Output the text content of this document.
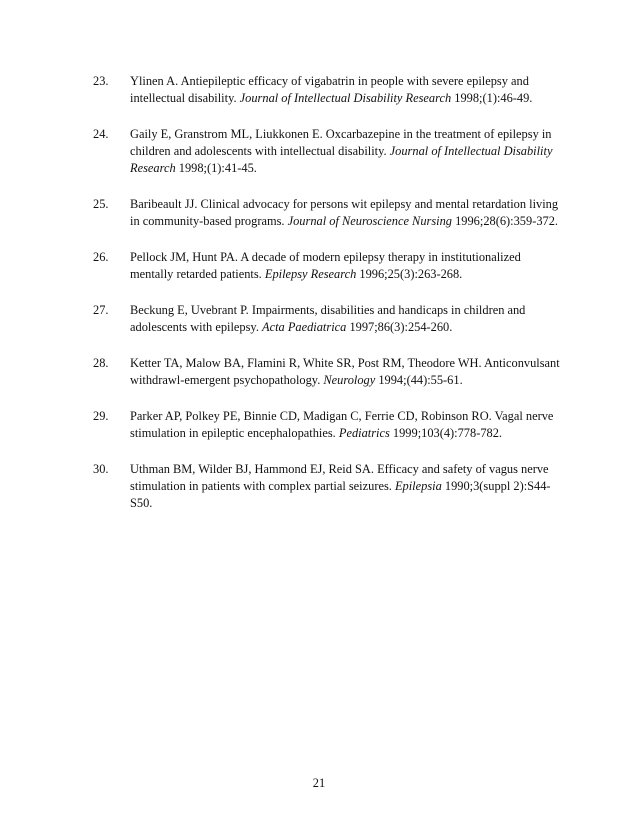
23.	Ylinen A. Antiepileptic efficacy of vigabatrin in people with severe epilepsy and intellectual disability. Journal of Intellectual Disability Research 1998;(1):46-49.
24.	Gaily E, Granstrom ML, Liukkonen E. Oxcarbazepine in the treatment of epilepsy in children and adolescents with intellectual disability. Journal of Intellectual Disability Research 1998;(1):41-45.
25.	Baribeault JJ. Clinical advocacy for persons wit epilepsy and mental retardation living in community-based programs. Journal of Neuroscience Nursing 1996;28(6):359-372.
26.	Pellock JM, Hunt PA. A decade of modern epilepsy therapy in institutionalized mentally retarded patients. Epilepsy Research 1996;25(3):263-268.
27.	Beckung E, Uvebrant P. Impairments, disabilities and handicaps in children and adolescents with epilepsy. Acta Paediatrica 1997;86(3):254-260.
28.	Ketter TA, Malow BA, Flamini R, White SR, Post RM, Theodore WH. Anticonvulsant withdrawl-emergent psychopathology. Neurology 1994;(44):55-61.
29.	Parker AP, Polkey PE, Binnie CD, Madigan C, Ferrie CD, Robinson RO. Vagal nerve stimulation in epileptic encephalopathies. Pediatrics 1999;103(4):778-782.
30.	Uthman BM, Wilder BJ, Hammond EJ, Reid SA. Efficacy and safety of vagus nerve stimulation in patients with complex partial seizures. Epilepsia 1990;3(suppl 2):S44-S50.
21
